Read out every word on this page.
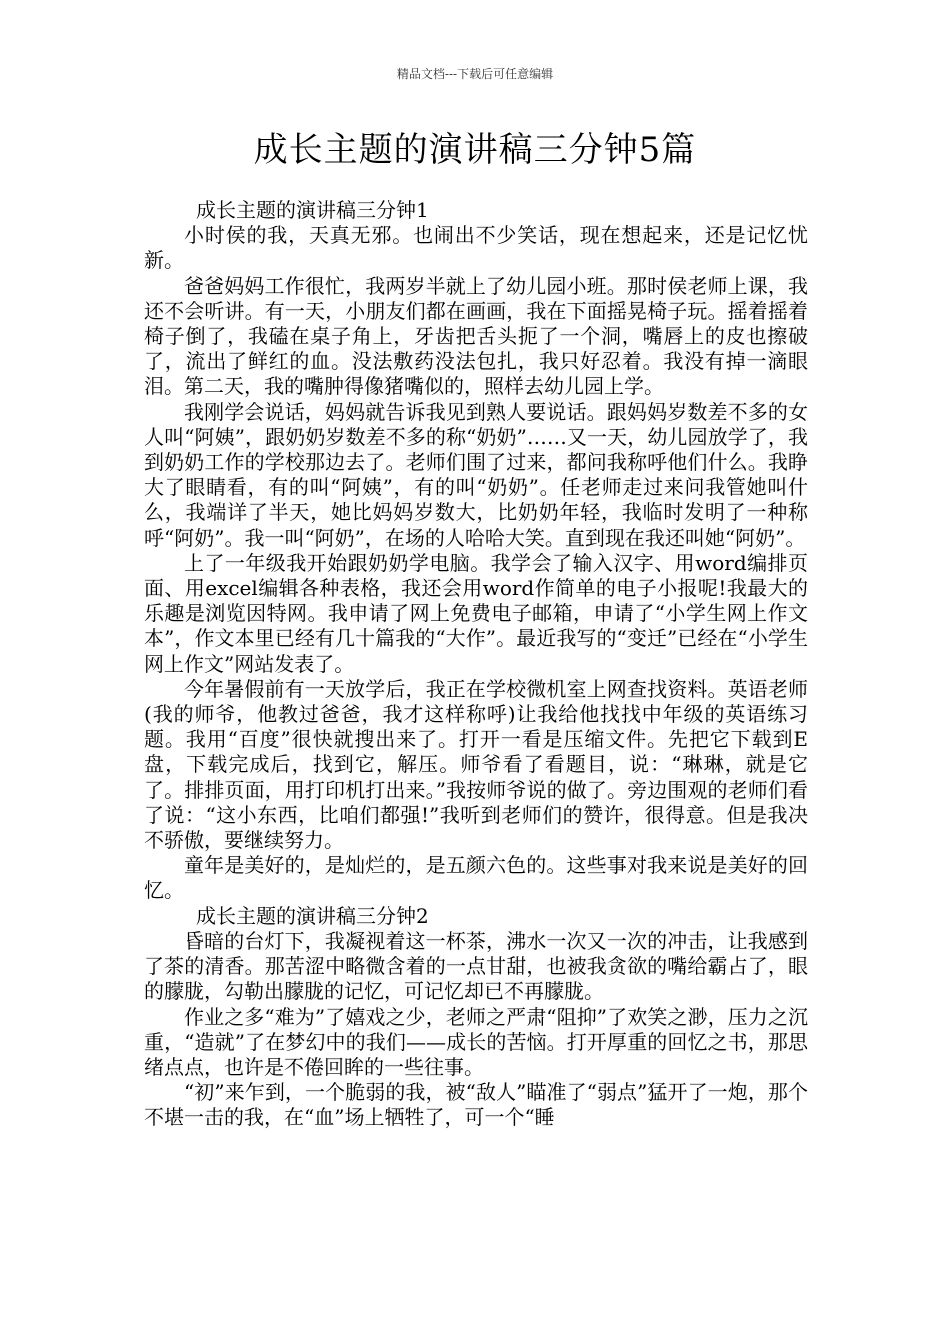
精品文档---下载后可任意编辑
成长主题的演讲稿三分钟5篇

成长主题的演讲稿三分钟1

小时侯的我，天真无邪。也闹出不少笑话，现在想起来，还是记忆忧新。

爸爸妈妈工作很忙，我两岁半就上了幼儿园小班。那时侯老师上课，我还不会听讲。有一天，小朋友们都在画画，我在下面摇晃椅子玩。摇着摇着椅子倒了，我磕在桌子角上，牙齿把舌头扼了一个洞，嘴唇上的皮也擦破了，流出了鲜红的血。没法敷药没法包扎，我只好忍着。我没有掉一滴眼泪。第二天，我的嘴肿得像猪嘴似的，照样去幼儿园上学。

我刚学会说话，妈妈就告诉我见到熟人要说话。跟妈妈岁数差不多的女人叫“阿姨”，跟奶奶岁数差不多的称“奶奶”……又一天，幼儿园放学了，我到奶奶工作的学校那边去了。老师们围了过来，都问我称呼他们什么。我睁大了眼睛看，有的叫“阿姨”，有的叫“奶奶”。任老师走过来问我管她叫什么，我端详了半天，她比妈妈岁数大，比奶奶年轻，我临时发明了一种称呼“阿奶”。我一叫“阿奶”，在场的人哈哈大笑。直到现在我还叫她“阿奶”。

上了一年级我开始跟奶奶学电脑。我学会了输入汉字、用word编排页面、用excel编辑各种表格，我还会用word作简单的电子小报呢!我最大的乐趣是浏览因特网。我申请了网上免费电子邮箱，申请了“小学生网上作文本”，作文本里已经有几十篇我的“大作”。最近我写的“变迁”已经在“小学生网上作文”网站发表了。

今年暑假前有一天放学后，我正在学校微机室上网查找资料。英语老师(我的师爷，他教过爸爸，我才这样称呼)让我给他找找中年级的英语练习题。我用“百度”很快就搜出来了。打开一看是压缩文件。先把它下载到E盘，下载完成后，找到它，解压。师爷看了看题目，说：“琳琳，就是它了。排排页面，用打印机打出来。”我按师爷说的做了。旁边围观的老师们看了说：“这小东西，比咱们都强!”我听到老师们的赞许，很得意。但是我决不骄傲，要继续努力。

童年是美好的，是灿烂的，是五颜六色的。这些事对我来说是美好的回忆。

成长主题的演讲稿三分钟2

昏暗的台灯下，我凝视着这一杯茶，沸水一次又一次的冲击，让我感到了茶的清香。那苦涩中略微含着的一点甘甜，也被我贪欲的嘴给霸占了，眼的朦胧，勾勒出朦胧的记忆，可记忆却已不再朦胧。

作业之多“难为”了嬉戏之少，老师之严肃“阻抑”了欢笑之渺，压力之沉重，“造就”了在梦幻中的我们——成长的苦恼。打开厚重的回忆之书，那思绪点点，也许是不倦回眸的一些往事。

“初”来乍到，一个脆弱的我，被“敌人”瞄准了“弱点”猛开了一炮，那个不堪一击的我，在“血”场上牺牲了，可一个“睡
